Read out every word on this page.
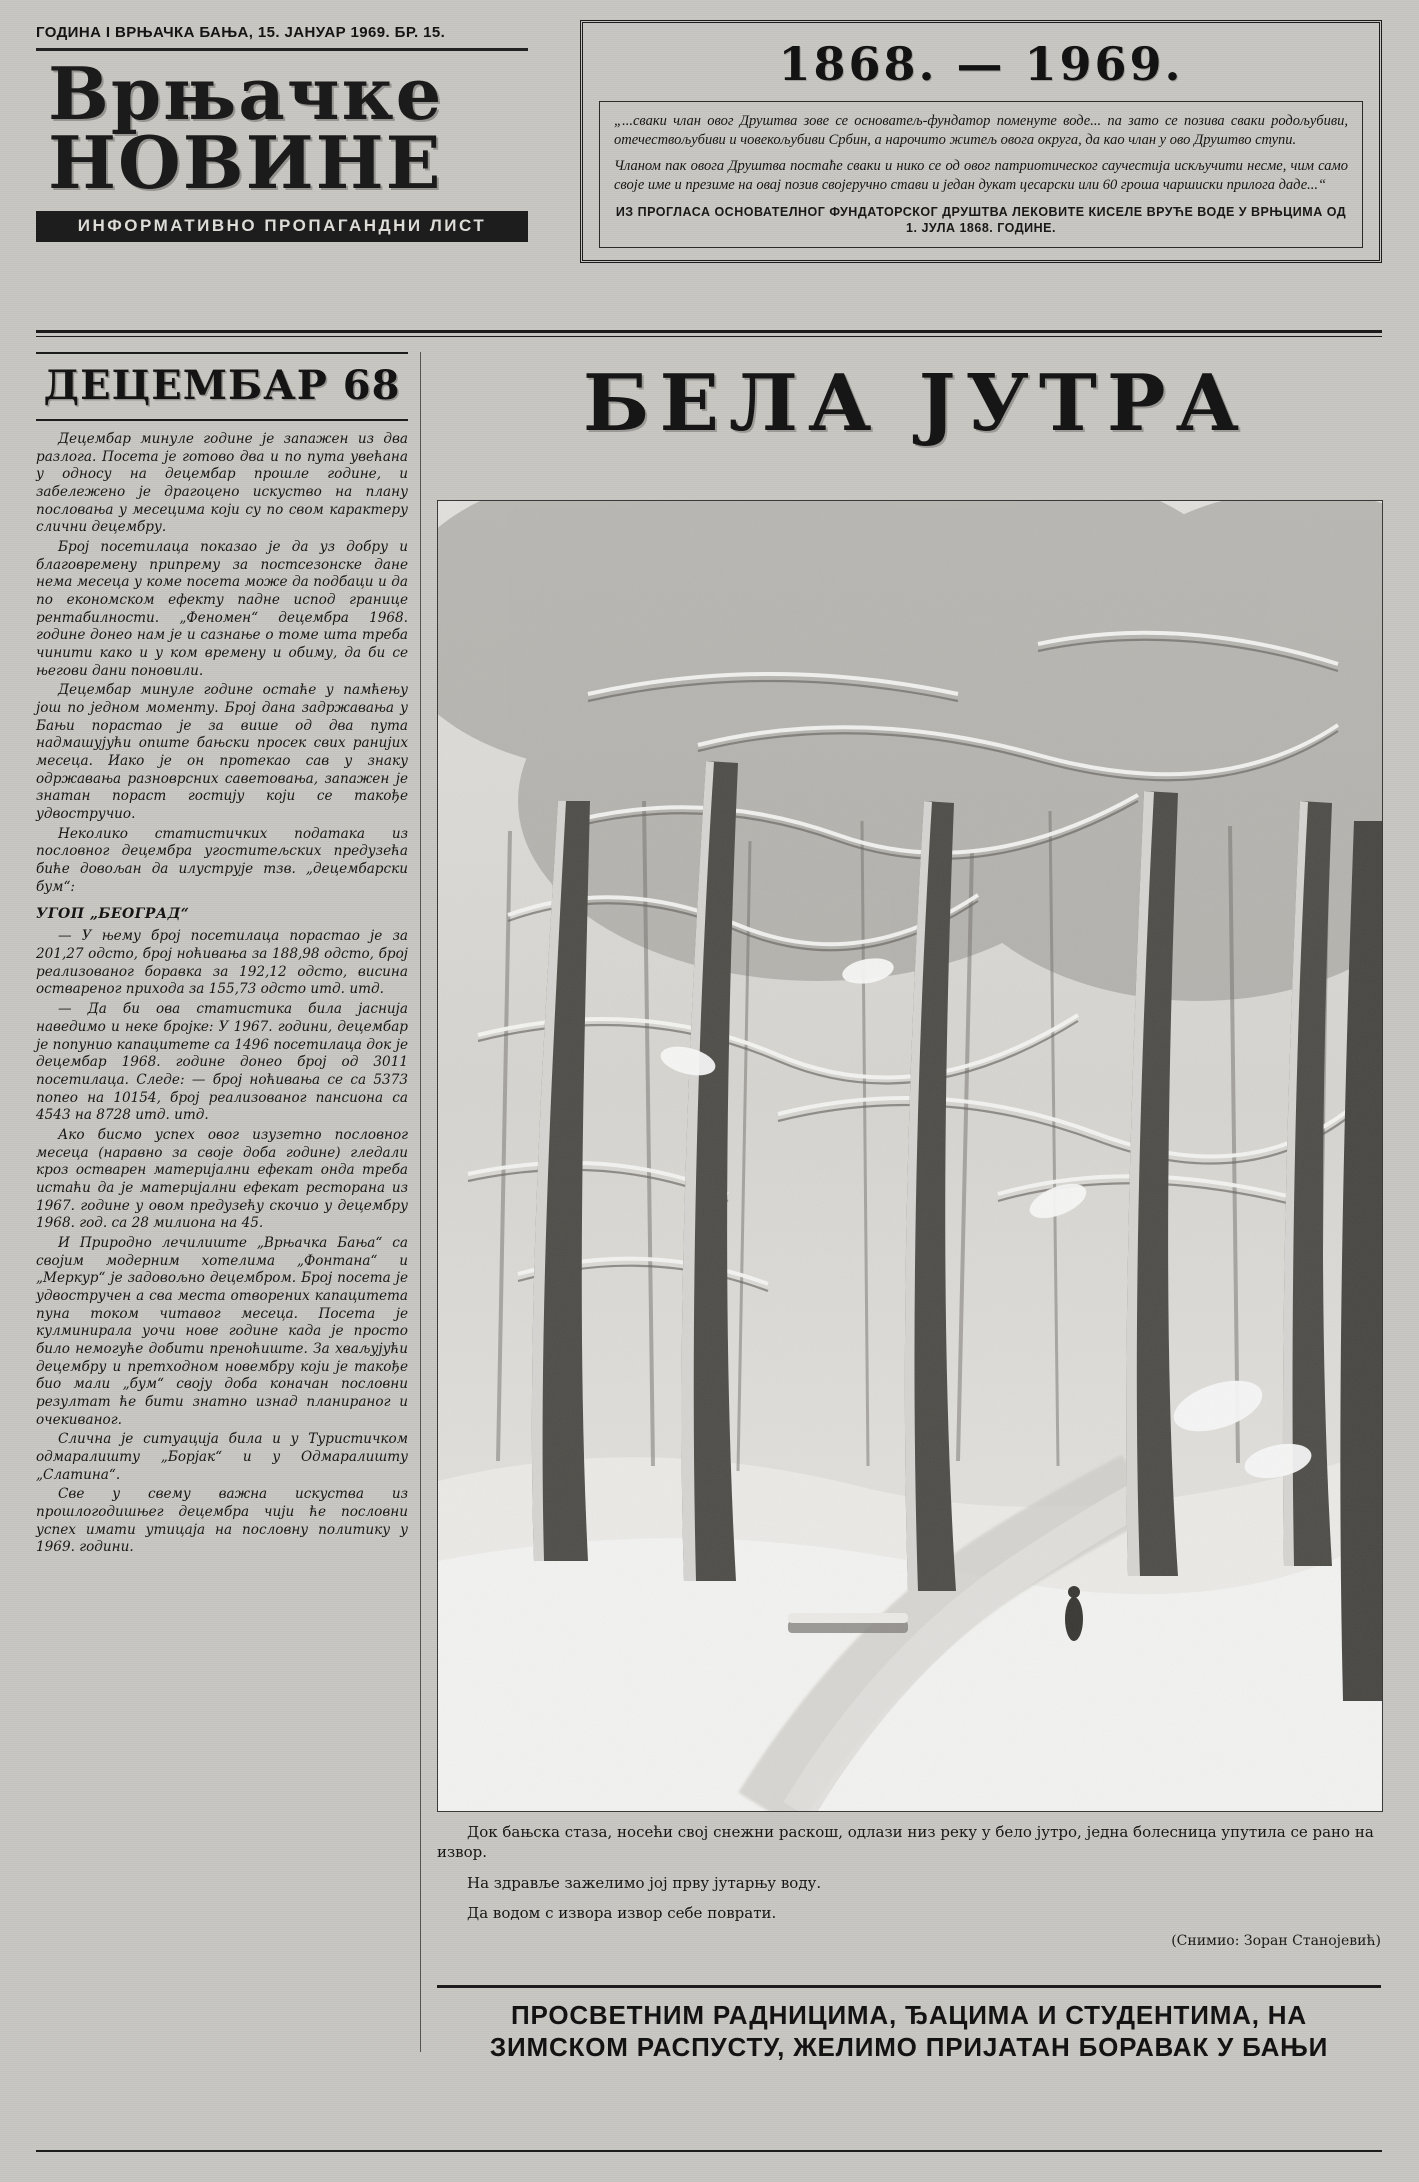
ГОДИНА I ВРЊАЧКА БАЊА, 15. ЈАНУАР 1969. БР. 15.
Врњачке
НОВИНЕ
ИНФОРМАТИВНО ПРОПАГАНДНИ ЛИСТ
1868. — 1969.

„...сваки члан овог Друштва зове се основатељ-фундатор поменуте воде... па зато се позива сваки родољубиви, отечествољубиви и човекољубиви Србин, а нарочито житељ овога округа, да као члан у ово Друштво ступи.

Чланом пак овога Друштва постаће сваки и нико се од овог патриотическог саучестија искључити несме, чим само своје име и презиме на овај позив својеручно стави и један дукат цесарски или 60 гроша чаршиски прилога даде...“

ИЗ ПРОГЛАСА ОСНОВАТЕЛНОГ ФУНДАТОРСКОГ ДРУШТВА ЛЕКОВИТЕ КИСЕЛЕ ВРУЋЕ ВОДЕ У ВРЊЦИМА ОД 1. ЈУЛА 1868. ГОДИНЕ.
ДЕЦЕМБАР 68

Децембар минуле године је запажен из два разлога. Посета је готово два и по пута увећана у односу на децембар прошле године, и забележено је драгоцено искуство на плану пословања у месецима који су по свом карактеру слични децембру.

Број посетилаца показао је да уз добру и благовремену припрему за постсезонске дане нема месеца у коме посета може да подбаци и да по економском ефекту падне испод границе рентабилности. „Феномен“ децембра 1968. године донео нам је и сазнање о томе шта треба чинити како и у ком времену и обиму, да би се његови дани поновили.

Децембар минуле године остаће у памћењу још по једном моменту. Број дана задржавања у Бањи порастао је за више од два пута надмашујући опште бањски просек свих ранијих месеца. Иако је он протекао сав у знаку одржавања разноврсних саветовања, запажен је знатан пораст гостију који се такође удвостручио.

Неколико статистичких података из пословног децембра угоститељских предузећа биће довољан да илуструје тзв. „децембарски бум“:

УГОП „БЕОГРАД“

— У њему број посетилаца порастао је за 201,27 одсто, број ноћивања за 188,98 одсто, број реализованог боравка за 192,12 одсто, висина оствареног прихода за 155,73 одсто итд. итд.

— Да би ова статистика била јаснија наведимо и неке бројке: У 1967. години, децембар је попунио капацитете са 1496 посетилаца док је децембар 1968. године донео број од 3011 посетилаца. Следе: — број ноћивања се са 5373 попео на 10154, број реализованог пансиона са 4543 на 8728 итд. итд.

Ако бисмо успех овог изузетно пословног месеца (наравно за своје доба године) гледали кроз остварен материјални ефекат онда треба истаћи да је материјални ефекат ресторана из 1967. године у овом предузећу скочио у децембру 1968. год. са 28 милиона на 45.

И Природно лечилиште „Врњачка Бања“ са својим модерним хотелима „Фонтана“ и „Меркур“ је задовољно децембром. Број посета је удвостручен а сва места отворених капацитета пуна током читавог месеца. Посета је кулминирала уочи нове године када је просто било немогуће добити преноћиште. За хвaљујући децембру и претходном новембру који је такође био мали „бум“ своју доба коначан пословни резултат ће бити знатно изнад планираног и очекиваног.

Слична је ситуација била и у Туристичком одмаралишту „Борјак“ и у Одмаралишту „Слатина“.

Све у свему важна искуства из прошлогодишњег децембра чији ће пословни успех имати утицаја на пословну политику у 1969. години.

БЕЛА ЈУТРА

Док бањска стаза, носећи свој снежни раскош, одлази низ реку у бело јутро, једна болесница упутила се рано на извор.

На здравље зажелимо јој прву јутарњу воду.

Да водом с извора извор себе поврати.

(Снимио: Зоран Станојевић)
ПРОСВЕТНИМ РАДНИЦИМА, ЂАЦИМА И СТУДЕНТИМА, НА
ЗИМСКОМ РАСПУСТУ, ЖЕЛИМО ПРИЈАТАН БОРАВАК У БАЊИ
